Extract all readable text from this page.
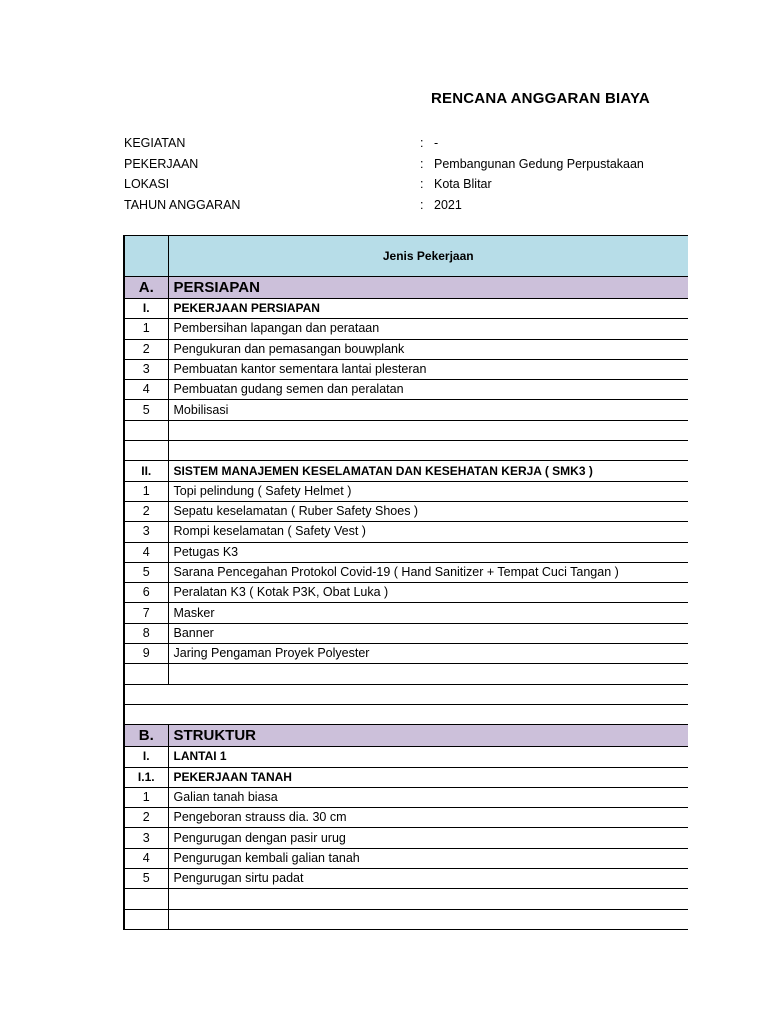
RENCANA ANGGARAN BIAYA
KEGIATAN	: -
PEKERJAAN	: Pembangunan Gedung Perpustakaan
LOKASI	: Kota Blitar
TAHUN ANGGARAN	: 2021
	Jenis Pekerjaan
A.	PERSIAPAN
I.	PEKERJAAN PERSIAPAN
1	Pembersihan lapangan dan perataan
2	Pengukuran dan pemasangan bouwplank
3	Pembuatan kantor sementara lantai plesteran
4	Pembuatan gudang semen dan peralatan
5	Mobilisasi

II.	SISTEM MANAJEMEN KESELAMATAN DAN KESEHATAN KERJA ( SMK3 )
1	Topi pelindung ( Safety Helmet )
2	Sepatu keselamatan ( Ruber Safety Shoes )
3	Rompi keselamatan ( Safety Vest )
4	Petugas K3
5	Sarana Pencegahan Protokol Covid-19 ( Hand Sanitizer + Tempat Cuci Tangan )
6	Peralatan K3 ( Kotak P3K, Obat Luka )
7	Masker
8	Banner
9	Jaring Pengaman Proyek Polyester

B.	STRUKTUR
I.	LANTAI 1
I.1.	PEKERJAAN TANAH
1	Galian tanah biasa
2	Pengeboran strauss dia. 30 cm
3	Pengurugan dengan pasir urug
4	Pengurugan kembali galian tanah
5	Pengurugan sirtu padat
